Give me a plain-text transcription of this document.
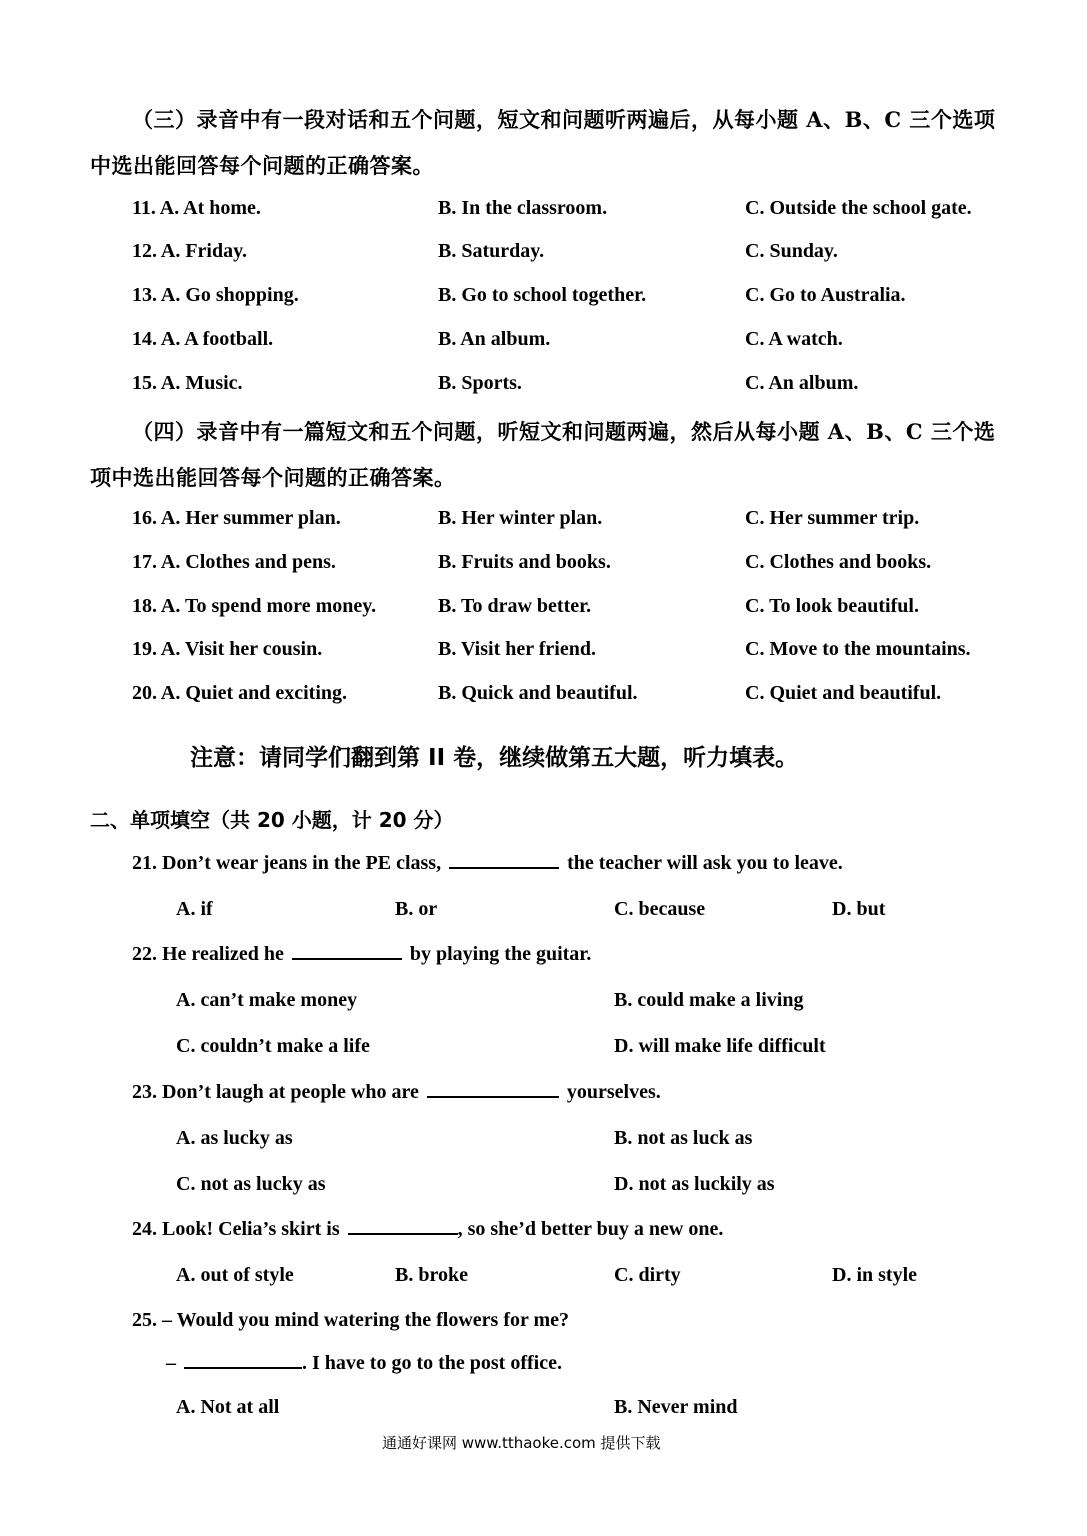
（三）录音中有一段对话和五个问题，短文和问题听两遍后，从每小题 A、B、C 三个选项
中选出能回答每个问题的正确答案。
11. A. At home.	B. In the classroom.	C. Outside the school gate.
12. A. Friday.	B. Saturday.	C. Sunday.
13. A. Go shopping.	B. Go to school together.	C. Go to Australia.
14. A. A football.	B. An album.	C. A watch.
15. A. Music.	B. Sports.	C. An album.
（四）录音中有一篇短文和五个问题，听短文和问题两遍，然后从每小题 A、B、C 三个选
项中选出能回答每个问题的正确答案。
16. A. Her summer plan.	B. Her winter plan.	C. Her summer trip.
17. A. Clothes and pens.	B. Fruits and books.	C. Clothes and books.
18. A. To spend more money.	B. To draw better.	C. To look beautiful.
19. A. Visit her cousin.	B. Visit her friend.	C. Move to the mountains.
20. A. Quiet and exciting.	B. Quick and beautiful.	C. Quiet and beautiful.
注意：请同学们翻到第 II 卷，继续做第五大题，听力填表。
二、单项填空（共 20 小题，计 20 分）
21. Don’t wear jeans in the PE class,	the teacher will ask you to leave.
A. if	B. or	C. because	D. but
22. He realized he	by playing the guitar.
A. can’t make money	B. could make a living
C. couldn’t make a life	D. will make life difficult
23. Don’t laugh at people who are	yourselves.
A. as lucky as	B. not as luck as
C. not as lucky as	D. not as luckily as
24. Look! Celia’s skirt is	, so she’d better buy a new one.
A. out of style	B. broke	C. dirty	D. in style
25. – Would you mind watering the flowers for me?
–	. I have to go to the post office.
A. Not at all	B. Never mind
通通好课网 www.tthaoke.com 提供下载
